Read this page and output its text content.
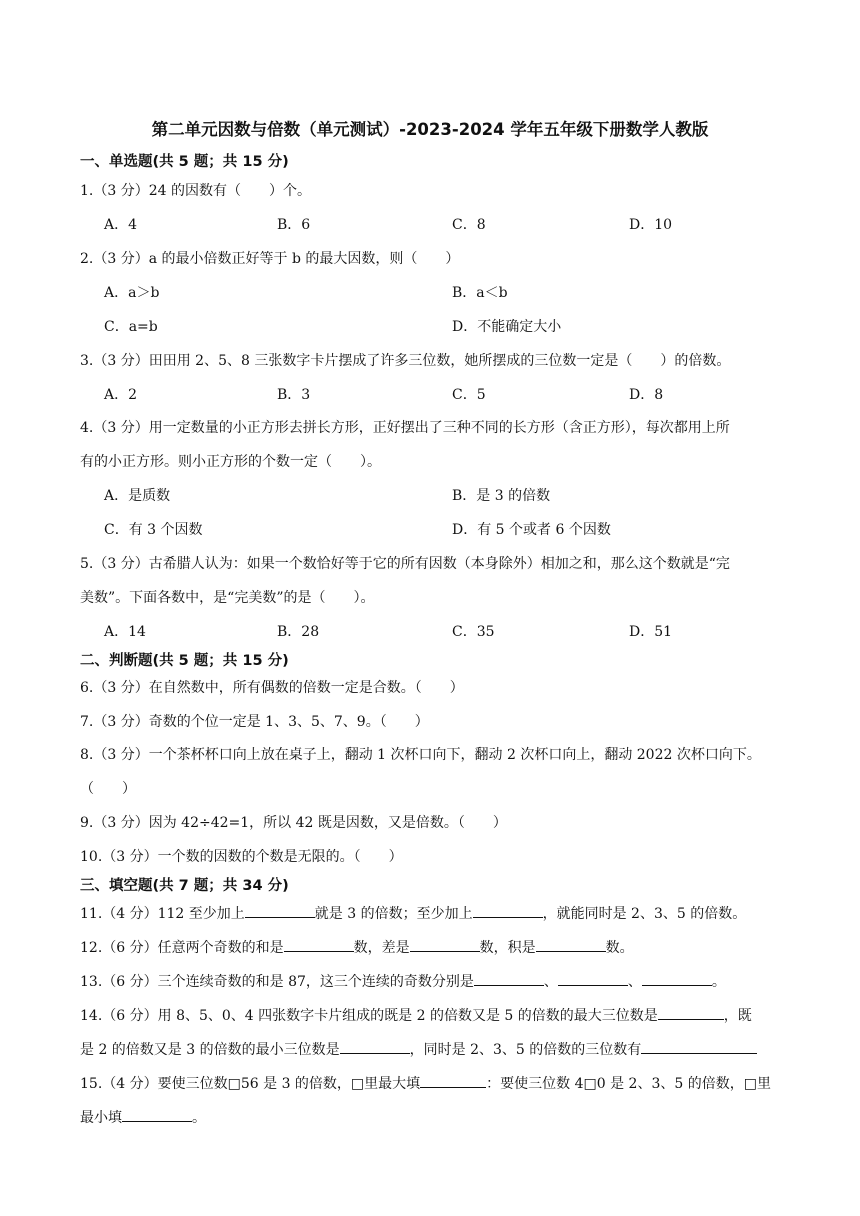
第二单元因数与倍数（单元测试）-2023-2024 学年五年级下册数学人教版
一、单选题(共 5 题；共 15 分)
1.（3 分）24 的因数有（　　）个。
A．4	B．6	C．8	D．10
2.（3 分）a 的最小倍数正好等于 b 的最大因数，则（　　）
A．a＞b	B．a＜b
C．a=b	D．不能确定大小
3.（3 分）田田用 2、5、8 三张数字卡片摆成了许多三位数，她所摆成的三位数一定是（　　）的倍数。
A．2	B．3	C．5	D．8
4.（3 分）用一定数量的小正方形去拼长方形，正好摆出了三种不同的长方形（含正方形），每次都用上所
有的小正方形。则小正方形的个数一定（　　）。
A．是质数	B．是 3 的倍数
C．有 3 个因数	D．有 5 个或者 6 个因数
5.（3 分）古希腊人认为：如果一个数恰好等于它的所有因数（本身除外）相加之和，那么这个数就是“完
美数”。下面各数中，是“完美数”的是（　　）。
A．14	B．28	C．35	D．51
二、判断题(共 5 题；共 15 分)
6.（3 分）在自然数中，所有偶数的倍数一定是合数。（　　）
7.（3 分）奇数的个位一定是 1、3、5、7、9。（　　）
8.（3 分）一个茶杯杯口向上放在桌子上，翻动 1 次杯口向下，翻动 2 次杯口向上，翻动 2022 次杯口向下。
（　　）
9.（3 分）因为 42÷42=1，所以 42 既是因数，又是倍数。（　　）
10.（3 分）一个数的因数的个数是无限的。（　　）
三、填空题(共 7 题；共 34 分)
11.（4 分）112 至少加上	就是 3 的倍数；至少加上	，就能同时是 2、3、5 的倍数。
12.（6 分）任意两个奇数的和是	数，差是	数，积是	数。
13.（6 分）三个连续奇数的和是 87，这三个连续的奇数分别是	、	、	。
14.（6 分）用 8、5、0、4 四张数字卡片组成的既是 2 的倍数又是 5 的倍数的最大三位数是	，既
是 2 的倍数又是 3 的倍数的最小三位数是	，同时是 2、3、5 的倍数的三位数有
15.（4 分）要使三位数□56 是 3 的倍数，□里最大填	：要使三位数 4□0 是 2、3、5 的倍数，□里
最小填	。
